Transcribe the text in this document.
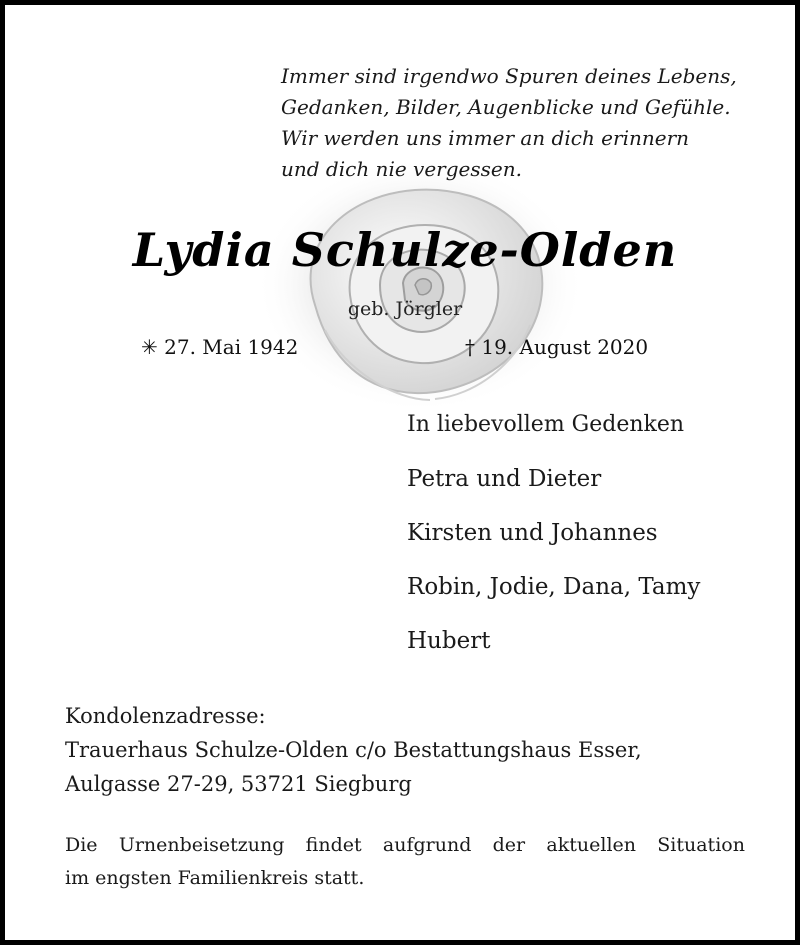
Immer sind irgendwo Spuren deines Lebens,
Gedanken, Bilder, Augenblicke und Gefühle.
Wir werden uns immer an dich erinnern
und dich nie vergessen.
Lydia Schulze-Olden
geb. Jörgler
✳ 27. Mai 1942	† 19. August 2020
In liebevollem Gedenken
Petra und Dieter
Kirsten und Johannes
Robin, Jodie, Dana, Tamy
Hubert
Kondolenzadresse:
Trauerhaus Schulze-Olden c/o Bestattungshaus Esser,
Aulgasse 27-29, 53721 Siegburg
Die Urnenbeisetzung findet aufgrund der aktuellen Situation
im engsten Familienkreis statt.
